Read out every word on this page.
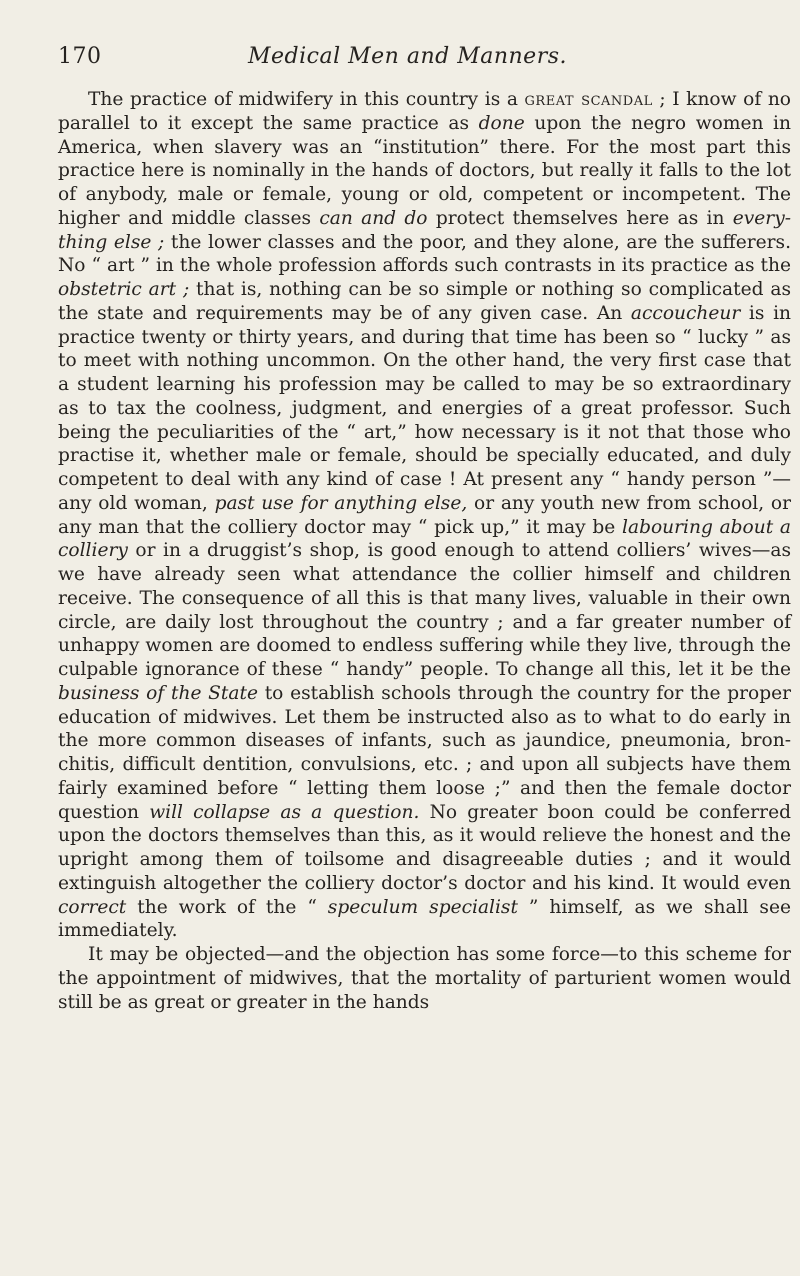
170	Medical Men and Manners.

The practice of midwifery in this country is a great scandal ; I know of no parallel to it except the same practice as done upon the negro women in America, when slavery was an “institution” there. For the most part this practice here is nominally in the hands of doctors, but really it falls to the lot of anybody, male or female, young or old, competent or incompetent. The higher and middle classes can and do protect themselves here as in everything else ; the lower classes and the poor, and they alone, are the sufferers. No “ art ” in the whole profession affords such contrasts in its practice as the obstetric art ; that is, nothing can be so simple or nothing so complicated as the state and requirements may be of any given case. An accoucheur is in practice twenty or thirty years, and during that time has been so “ lucky ” as to meet with nothing uncommon. On the other hand, the very first case that a student learning his profession may be called to may be so extraordinary as to tax the coolness, judgment, and energies of a great professor. Such being the peculiarities of the “ art,” how necessary is it not that those who practise it, whether male or female, should be specially educated, and duly competent to deal with any kind of case ! At present any “ handy person ”— any old woman, past use for anything else, or any youth new from school, or any man that the colliery doctor may “ pick up,” it may be labouring about a colliery or in a druggist’s shop, is good enough to attend colliers’ wives—as we have already seen what attendance the collier himself and children receive. The consequence of all this is that many lives, valuable in their own circle, are daily lost throughout the country ; and a far greater number of unhappy women are doomed to endless suffering while they live, through the culpable ignorance of these “ handy” people. To change all this, let it be the business of the State to establish schools through the country for the proper education of midwives. Let them be instructed also as to what to do early in the more common diseases of infants, such as jaundice, pneumonia, bronchitis, difficult dentition, convulsions, etc. ; and upon all subjects have them fairly examined before “ letting them loose ;” and then the female doctor question will collapse as a question. No greater boon could be conferred upon the doctors themselves than this, as it would relieve the honest and the upright among them of toilsome and disagreeable duties ; and it would extinguish altogether the colliery doctor’s doctor and his kind. It would even correct the work of the “ speculum specialist ” himself, as we shall see immediately.

It may be objected—and the objection has some force—to this scheme for the appointment of midwives, that the mortality of parturient women would still be as great or greater in the hands
